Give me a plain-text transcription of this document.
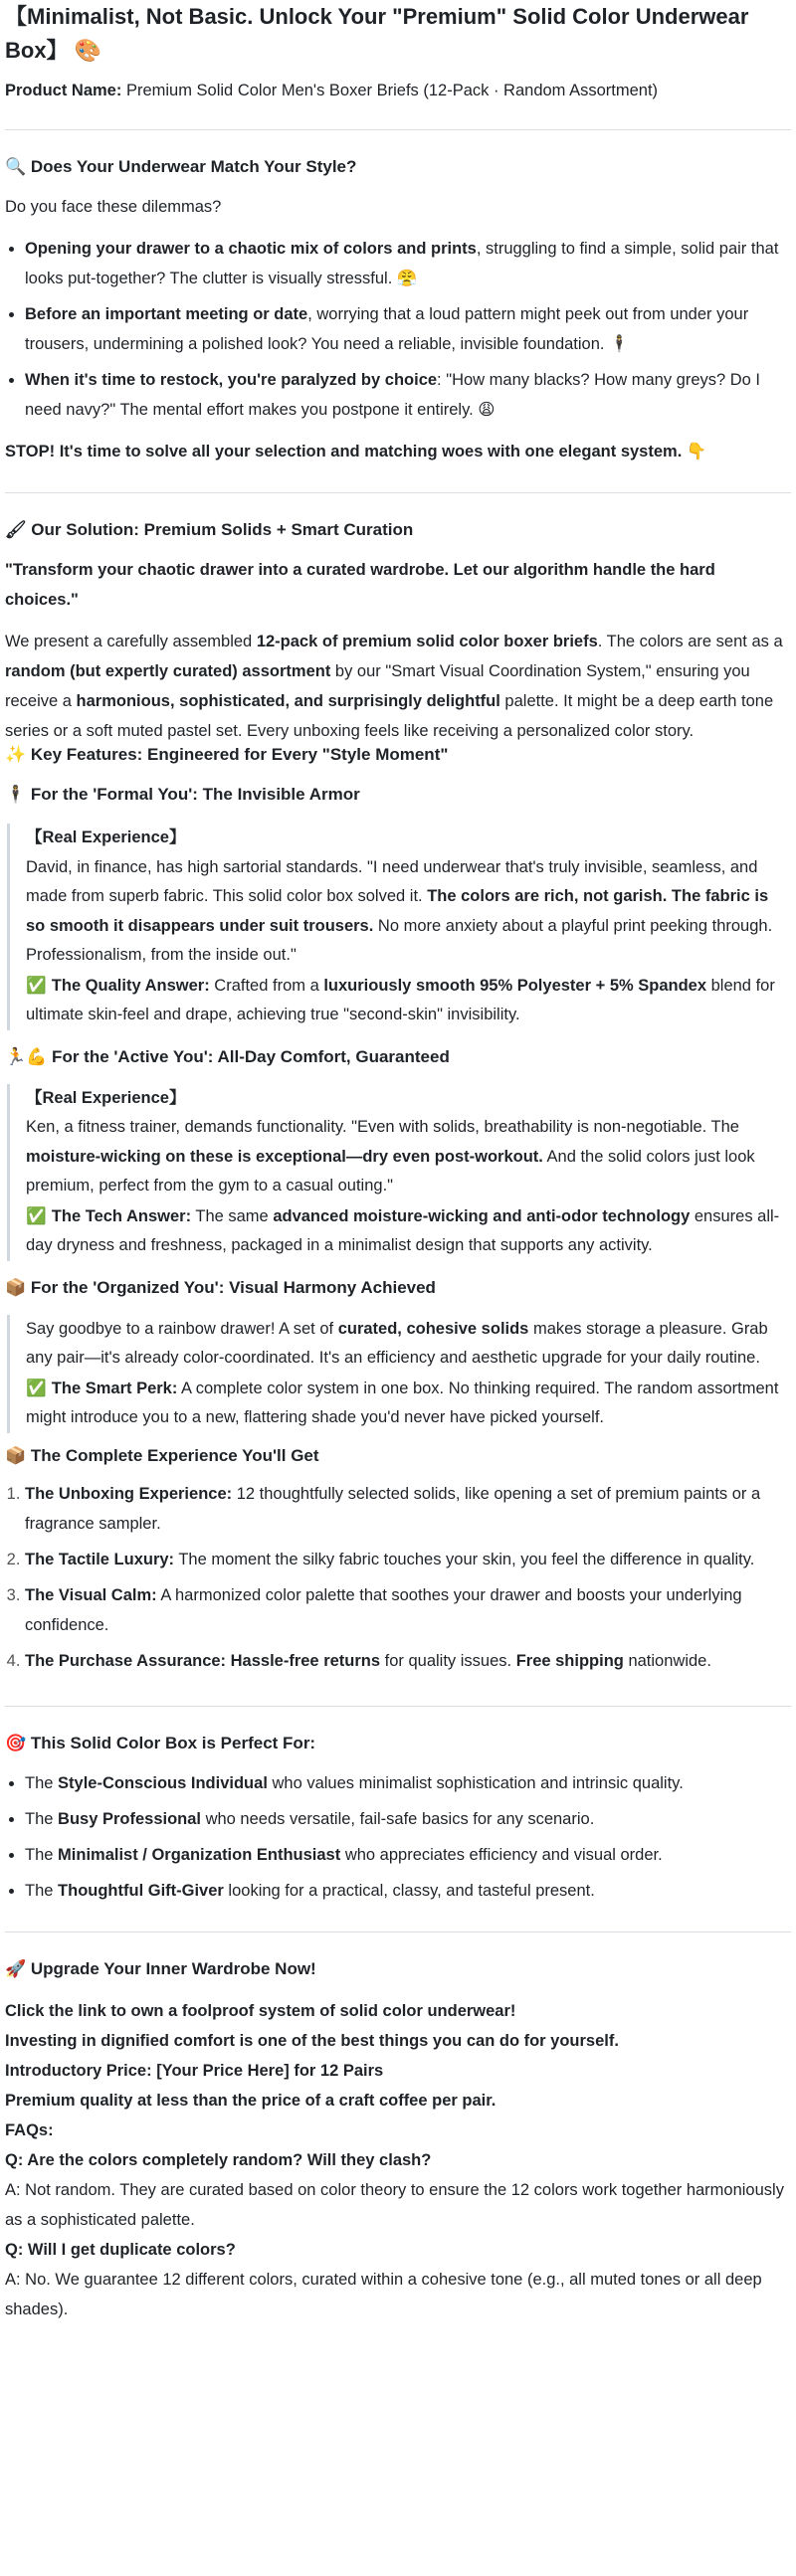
【Minimalist, Not Basic. Unlock Your "Premium" Solid Color Underwear Box】 🎨

Product Name: Premium Solid Color Men's Boxer Briefs (12-Pack · Random Assortment)

🔍 Does Your Underwear Match Your Style?

Do you face these dilemmas?

• Opening your drawer to a chaotic mix of colors and prints, struggling to find a simple, solid pair that looks put-together? The clutter is visually stressful. 😤
• Before an important meeting or date, worrying that a loud pattern might peek out from under your trousers, undermining a polished look? You need a reliable, invisible foundation. 🕴
• When it's time to restock, you're paralyzed by choice: "How many blacks? How many greys? Do I need navy?" The mental effort makes you postpone it entirely. 😩

STOP! It's time to solve all your selection and matching woes with one elegant system. 👇

🖌 Our Solution: Premium Solids + Smart Curation

"Transform your chaotic drawer into a curated wardrobe. Let our algorithm handle the hard choices."

We present a carefully assembled 12-pack of premium solid color boxer briefs. The colors are sent as a random (but expertly curated) assortment by our "Smart Visual Coordination System," ensuring you receive a harmonious, sophisticated, and surprisingly delightful palette. It might be a deep earth tone series or a soft muted pastel set. Every unboxing feels like receiving a personalized color story.

✨ Key Features: Engineered for Every "Style Moment"
🕴 For the 'Formal You': The Invisible Armor

【Real Experience】

David, in finance, has high sartorial standards. "I need underwear that's truly invisible, seamless, and made from superb fabric. This solid color box solved it. The colors are rich, not garish. The fabric is so smooth it disappears under suit trousers. No more anxiety about a playful print peeking through. Professionalism, from the inside out."

✅ The Quality Answer: Crafted from a luxuriously smooth 95% Polyester + 5% Spandex blend for ultimate skin-feel and drape, achieving true "second-skin" invisibility.

🏃💪 For the 'Active You': All-Day Comfort, Guaranteed

【Real Experience】

Ken, a fitness trainer, demands functionality. "Even with solids, breathability is non-negotiable. The moisture-wicking on these is exceptional—dry even post-workout. And the solid colors just look premium, perfect from the gym to a casual outing."

✅ The Tech Answer: The same advanced moisture-wicking and anti-odor technology ensures all-day dryness and freshness, packaged in a minimalist design that supports any activity.

📦 For the 'Organized You': Visual Harmony Achieved

Say goodbye to a rainbow drawer! A set of curated, cohesive solids makes storage a pleasure. Grab any pair—it's already color-coordinated. It's an efficiency and aesthetic upgrade for your daily routine.

✅ The Smart Perk: A complete color system in one box. No thinking required. The random assortment might introduce you to a new, flattering shade you'd never have picked yourself.

📦 The Complete Experience You'll Get
1. The Unboxing Experience: 12 thoughtfully selected solids, like opening a set of premium paints or a fragrance sampler.
2. The Tactile Luxury: The moment the silky fabric touches your skin, you feel the difference in quality.
3. The Visual Calm: A harmonized color palette that soothes your drawer and boosts your underlying confidence.
4. The Purchase Assurance: Hassle-free returns for quality issues. Free shipping nationwide.
🎯 This Solid Color Box is Perfect For:
• The Style-Conscious Individual who values minimalist sophistication and intrinsic quality.
• The Busy Professional who needs versatile, fail-safe basics for any scenario.
• The Minimalist / Organization Enthusiast who appreciates efficiency and visual order.
• The Thoughtful Gift-Giver looking for a practical, classy, and tasteful present.
🚀 Upgrade Your Inner Wardrobe Now!

Click the link to own a foolproof system of solid color underwear!

Investing in dignified comfort is one of the best things you can do for yourself.

Introductory Price: [Your Price Here] for 12 Pairs

Premium quality at less than the price of a craft coffee per pair.

FAQs:

Q: Are the colors completely random? Will they clash?

A: Not random. They are curated based on color theory to ensure the 12 colors work together harmoniously as a sophisticated palette.

Q: Will I get duplicate colors?

A: No. We guarantee 12 different colors, curated within a cohesive tone (e.g., all muted tones or all deep shades).
